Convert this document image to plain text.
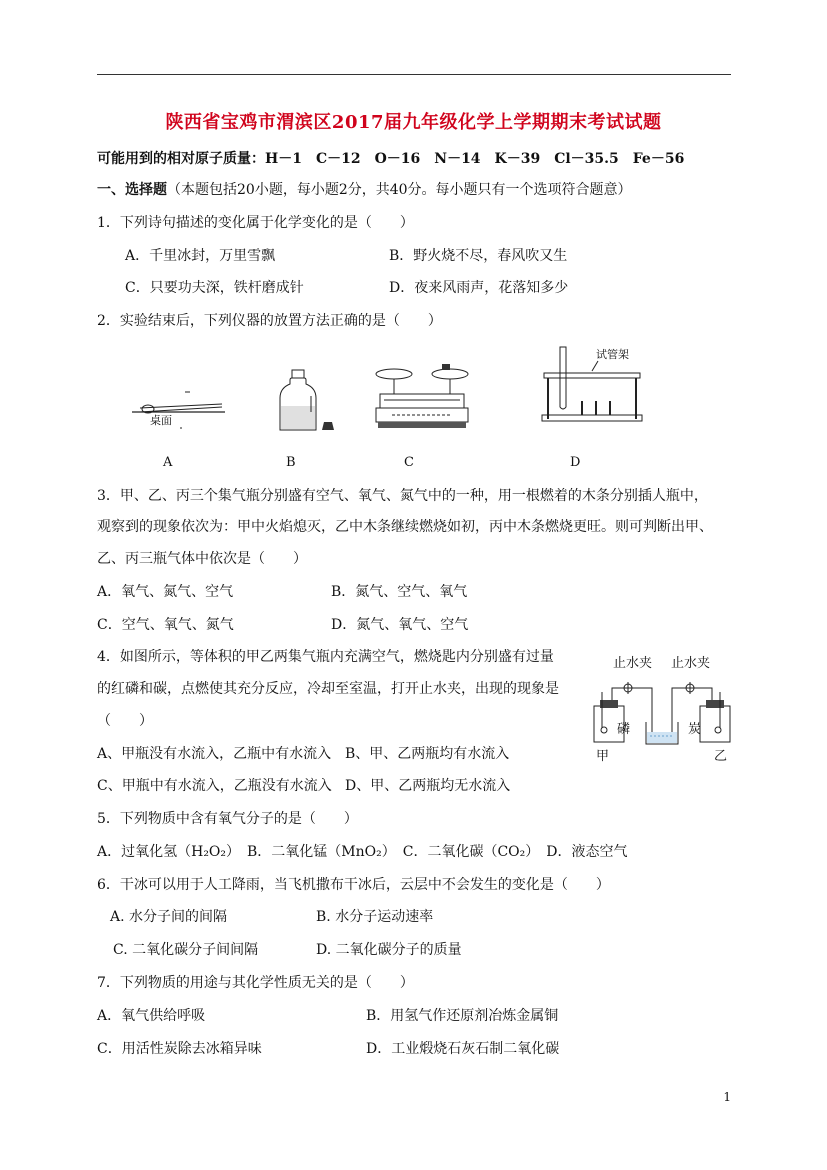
陕西省宝鸡市渭滨区2017届九年级化学上学期期末考试试题
可能用到的相对原子质量：H－1　C－12　O－16　N－14　K－39　Cl－35.5　Fe－56
一、选择题（本题包括20小题，每小题2分，共40分。每小题只有一个选项符合题意）
1．下列诗句描述的变化属于化学变化的是（　　）
A．千里冰封，万里雪飘	B．野火烧不尽，春风吹又生
C．只要功夫深，铁杆磨成针	D．夜来风雨声，花落知多少
2．实验结束后，下列仪器的放置方法正确的是（　　）
桌面
试管架
A	B	C	D
3．甲、乙、丙三个集气瓶分别盛有空气、氧气、氮气中的一种，用一根燃着的木条分别插人瓶中，
观察到的现象依次为：甲中火焰熄灭，乙中木条继续燃烧如初，丙中木条燃烧更旺。则可判断出甲、
乙、丙三瓶气体中依次是（　　）
A．氧气、氮气、空气	B．氮气、空气、氧气
C．空气、氧气、氮气	D．氮气、氧气、空气
4．如图所示，等体积的甲乙两集气瓶内充满空气，燃烧匙内分别盛有过量
的红磷和碳，点燃使其充分反应，冷却至室温，打开止水夹，出现的现象是
（　　）
A、甲瓶没有水流入，乙瓶中有水流入 B、甲、乙两瓶均有水流入
C、甲瓶中有水流入，乙瓶没有水流入 D、甲、乙两瓶均无水流入
止水夹 止水夹
磷	炭
甲	乙
5．下列物质中含有氧气分子的是（　　）
A．过氧化氢（H₂O₂）　B．二氧化锰（MnO₂）　C．二氧化碳（CO₂）　D．液态空气
6．干冰可以用于人工降雨，当飞机撒布干冰后，云层中不会发生的变化是（　　）
A. 水分子间的间隔	B. 水分子运动速率
C. 二氧化碳分子间间隔	D. 二氧化碳分子的质量
7．下列物质的用途与其化学性质无关的是（　　）
A．氧气供给呼吸	B．用氢气作还原剂冶炼金属铜
C．用活性炭除去冰箱异味	D．工业煅烧石灰石制二氧化碳
1
